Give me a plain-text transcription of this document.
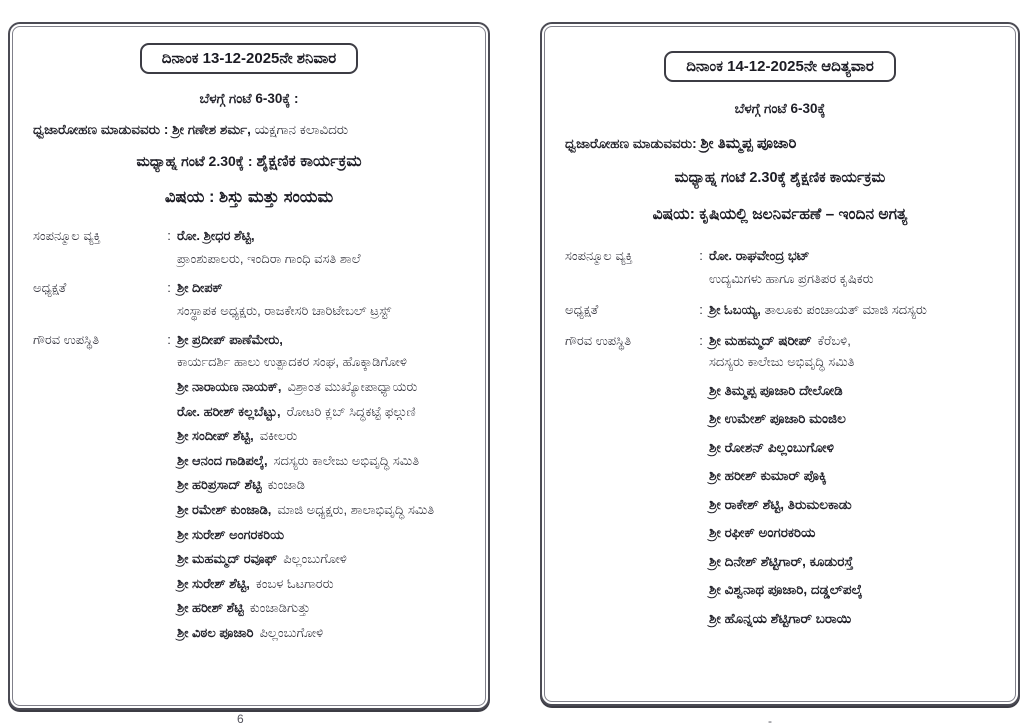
ದಿನಾಂಕ 13-12-2025ನೇ ಶನಿವಾರ
ಬೆಳಗ್ಗೆ ಗಂಟೆ 6-30ಕ್ಕೆ :
ಧ್ವಜಾರೋಹಣ ಮಾಡುವವರು : ಶ್ರೀ ಗಣೇಶ ಶರ್ಮ, ಯಕ್ಷಗಾನ ಕಲಾವಿದರು
ಮಧ್ಯಾಹ್ನ ಗಂಟೆ 2.30ಕ್ಕೆ : ಶೈಕ್ಷಣಿಕ ಕಾರ್ಯಕ್ರಮ
ವಿಷಯ : ಶಿಸ್ತು ಮತ್ತು ಸಂಯಮ
ಸಂಪನ್ಮೂಲ ವ್ಯಕ್ತಿ	: ರೋ. ಶ್ರೀಧರ ಶೆಟ್ಟಿ,
ಪ್ರಾಂಶುಪಾಲರು, ಇಂದಿರಾ ಗಾಂಧಿ ವಸತಿ ಶಾಲೆ
ಅಧ್ಯಕ್ಷತೆ	: ಶ್ರೀ ದೀಪಕ್
ಸಂಸ್ಥಾಪಕ ಅಧ್ಯಕ್ಷರು, ರಾಜಕೇಸರಿ ಚಾರಿಟೇಬಲ್ ಟ್ರಸ್ಟ್
ಗೌರವ ಉಪಸ್ಥಿತಿ	: ಶ್ರೀ ಪ್ರದೀಪ್ ಪಾಣೆಮೇರು,
ಕಾರ್ಯದರ್ಶಿ ಹಾಲು ಉತ್ಪಾದಕರ ಸಂಘ, ಹೊಕ್ಕಾಡಿಗೋಳಿ
ಶ್ರೀ ನಾರಾಯಣ ನಾಯಕ್, ವಿಶ್ರಾಂತ ಮುಖ್ಯೋಪಾಧ್ಯಾಯರು
ರೋ. ಹರೀಶ್ ಕಲ್ಲಬೆಟ್ಟು, ರೋಟರಿ ಕ್ಲಬ್ ಸಿದ್ಧಕಟ್ಟೆ ಫಲ್ಗುಣಿ
ಶ್ರೀ ಸಂದೀಪ್ ಶೆಟ್ಟಿ, ವಕೀಲರು
ಶ್ರೀ ಆನಂದ ಗಾಡಿಪಲ್ಕೆ, ಸದಸ್ಯರು ಕಾಲೇಜು ಅಭಿವೃದ್ಧಿ ಸಮಿತಿ
ಶ್ರೀ ಹರಿಪ್ರಸಾದ್ ಶೆಟ್ಟಿ ಕುಂಜಾಡಿ
ಶ್ರೀ ರಮೇಶ್ ಕುಂಜಾಡಿ, ಮಾಜಿ ಅಧ್ಯಕ್ಷರು, ಶಾಲಾಭಿವೃದ್ಧಿ ಸಮಿತಿ
ಶ್ರೀ ಸುರೇಶ್ ಅಂಗರಕರಿಯ
ಶ್ರೀ ಮಹಮ್ಮದ್ ರವೂಫ್ ಪಿಲ್ಲಂಬುಗೋಳಿ
ಶ್ರೀ ಸುರೇಶ್ ಶೆಟ್ಟಿ, ಕಂಬಳ ಓಟಗಾರರು
ಶ್ರೀ ಹರೀಶ್ ಶೆಟ್ಟಿ ಕುಂಜಾಡಿಗುತ್ತು
ಶ್ರೀ ವಿಠಲ ಪೂಜಾರಿ ಪಿಲ್ಲಂಬುಗೋಳಿ
ದಿನಾಂಕ 14-12-2025ನೇ ಆದಿತ್ಯವಾರ
ಬೆಳಗ್ಗೆ ಗಂಟೆ 6-30ಕ್ಕೆ
ಧ್ವಜಾರೋಹಣ ಮಾಡುವವರು: ಶ್ರೀ ತಿಮ್ಮಪ್ಪ ಪೂಜಾರಿ
ಮಧ್ಯಾಹ್ನ ಗಂಟೆ 2.30ಕ್ಕೆ ಶೈಕ್ಷಣಿಕ ಕಾರ್ಯಕ್ರಮ
ವಿಷಯ: ಕೃಷಿಯಲ್ಲಿ ಜಲನಿರ್ವಹಣೆ – ಇಂದಿನ ಅಗತ್ಯ
ಸಂಪನ್ಮೂಲ ವ್ಯಕ್ತಿ	: ರೋ. ರಾಘವೇಂದ್ರ ಭಟ್
ಉದ್ಯಮಿಗಳು ಹಾಗೂ ಪ್ರಗತಿಪರ ಕೃಷಿಕರು
ಅಧ್ಯಕ್ಷತೆ	: ಶ್ರೀ ಓಬಯ್ಯ, ತಾಲೂಕು ಪಂಚಾಯತ್ ಮಾಜಿ ಸದಸ್ಯರು
ಗೌರವ ಉಪಸ್ಥಿತಿ	: ಶ್ರೀ ಮಹಮ್ಮದ್ ಷರೀಪ್ ಕೆರೆಬಳಿ,
ಸದಸ್ಯರು ಕಾಲೇಜು ಅಭಿವೃದ್ಧಿ ಸಮಿತಿ
ಶ್ರೀ ತಿಮ್ಮಪ್ಪ ಪೂಜಾರಿ ದೇಲೋಡಿ
ಶ್ರೀ ಉಮೇಶ್ ಪೂಜಾರಿ ಮಂಜಿಲ
ಶ್ರೀ ರೋಶನ್ ಪಿಲ್ಲಂಬುಗೋಳಿ
ಶ್ರೀ ಹರೀಶ್ ಕುಮಾರ್ ಪೊಕ್ಕಿ
ಶ್ರೀ ರಾಕೇಶ್ ಶೆಟ್ಟಿ, ತಿರುಮಲಕಾಡು
ಶ್ರೀ ರಫೀಕ್ ಅಂಗರಕರಿಯ
ಶ್ರೀ ದಿನೇಶ್ ಶೆಟ್ಟಿಗಾರ್, ಕೂಡುರಸ್ತೆ
ಶ್ರೀ ವಿಶ್ವನಾಥ ಪೂಜಾರಿ, ದಡ್ಡಲ್‌ಪಲ್ಕೆ
ಶ್ರೀ ಹೊನ್ನಯ ಶೆಟ್ಟಿಗಾರ್ ಬರಾಯಿ
6	-
